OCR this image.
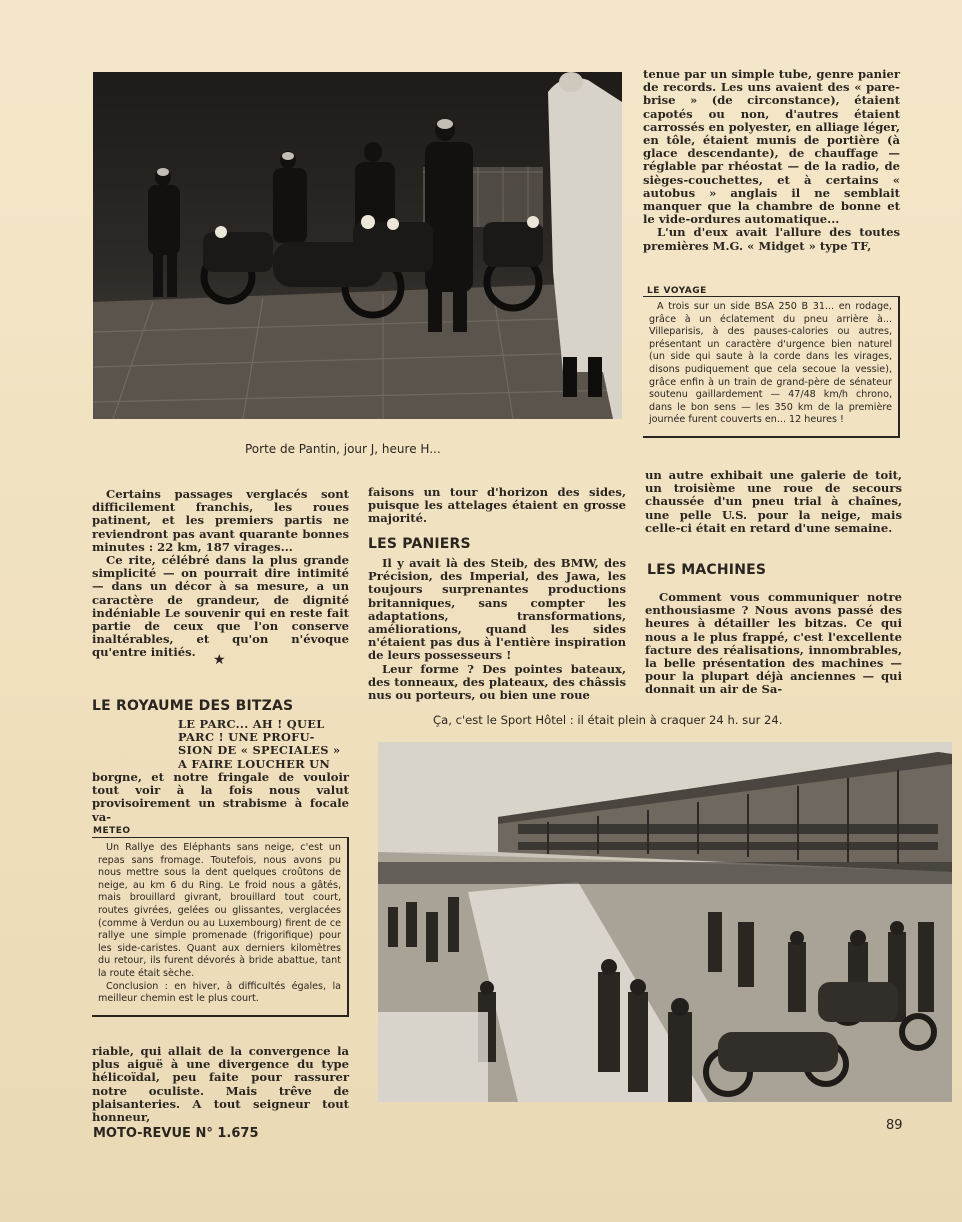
Porte de Pantin, jour J, heure H...

tenue par un simple tube, genre panier de records. Les uns avaient des « pare-brise » (de circonstance), étaient capotés ou non, d'autres étaient carrossés en polyester, en alliage léger, en tôle, étaient munis de portière (à glace descendante), de chauffage — réglable par rhéostat — de la radio, de sièges-couchettes, et à certains « autobus » anglais il ne semblait manquer que la chambre de bonne et le vide-ordures automatique...

L'un d'eux avait l'allure des toutes premières M.G. « Midget » type TF,

LE VOYAGE

A trois sur un side BSA 250 B 31... en rodage, grâce à un éclatement du pneu arrière à... Villeparisis, à des pauses-calories ou autres, présentant un caractère d'urgence bien naturel (un side qui saute à la corde dans les virages, disons pudiquement que cela secoue la vessie), grâce enfin à un train de grand-père de sénateur soutenu gaillardement — 47/48 km/h chrono, dans le bon sens — les 350 km de la première journée furent couverts en... 12 heures !

Certains passages verglacés sont difficilement franchis, les roues patinent, et les premiers partis ne reviendront pas avant quarante bonnes minutes : 22 km, 187 virages...

Ce rite, célébré dans la plus grande simplicité — on pourrait dire intimité — dans un décor à sa mesure, a un caractère de grandeur, de dignité indéniable Le souvenir qui en reste fait partie de ceux que l'on conserve inaltérables, et qu'on n'évoque qu'entre initiés.	★
LE ROYAUME DES BITZAS
LE PARC... AH ! QUEL
PARC ! UNE PROFU-
SION DE « SPECIALES »
A FAIRE LOUCHER UN

borgne, et notre fringale de vouloir tout voir à la fois nous valut provisoirement un strabisme à focale va-

METEO

Un Rallye des Eléphants sans neige, c'est un repas sans fromage. Toutefois, nous avons pu nous mettre sous la dent quelques croûtons de neige, au km 6 du Ring. Le froid nous a gâtés, mais brouillard givrant, brouillard tout court, routes givrées, gelées ou glissantes, verglacées (comme à Verdun ou au Luxembourg) firent de ce rallye une simple promenade (frigorifique) pour les side-caristes. Quant aux derniers kilomètres du retour, ils furent dévorés à bride abattue, tant la route était sèche.

Conclusion : en hiver, à difficultés égales, la meilleur chemin est le plus court.

riable, qui allait de la convergence la plus aiguë à une divergence du type hélicoïdal, peu faite pour rassurer notre oculiste. Mais trêve de plaisanteries. A tout seigneur tout honneur,

faisons un tour d'horizon des sides, puisque les attelages étaient en grosse majorité.

LES PANIERS

Il y avait là des Steib, des BMW, des Précision, des Imperial, des Jawa, les toujours surprenantes productions britanniques, sans compter les adaptations, transformations, améliorations, quand les sides n'étaient pas dus à l'entière inspiration de leurs possesseurs !

Leur forme ? Des pointes bateaux, des tonneaux, des plateaux, des châssis nus ou porteurs, ou bien une roue

un autre exhibait une galerie de toit, un troisième une roue de secours chaussée d'un pneu trial à chaînes, une pelle U.S. pour la neige, mais celle-ci était en retard d'une semaine.

LES MACHINES

Comment vous communiquer notre enthousiasme ? Nous avons passé des heures à détailler les bitzas. Ce qui nous a le plus frappé, c'est l'excellente facture des réalisations, innombrables, la belle présentation des machines — pour la plupart déjà anciennes — qui donnait un air de Sa-

Ça, c'est le Sport Hôtel : il était plein à craquer 24 h. sur 24.
MOTO-REVUE N° 1.675
89
